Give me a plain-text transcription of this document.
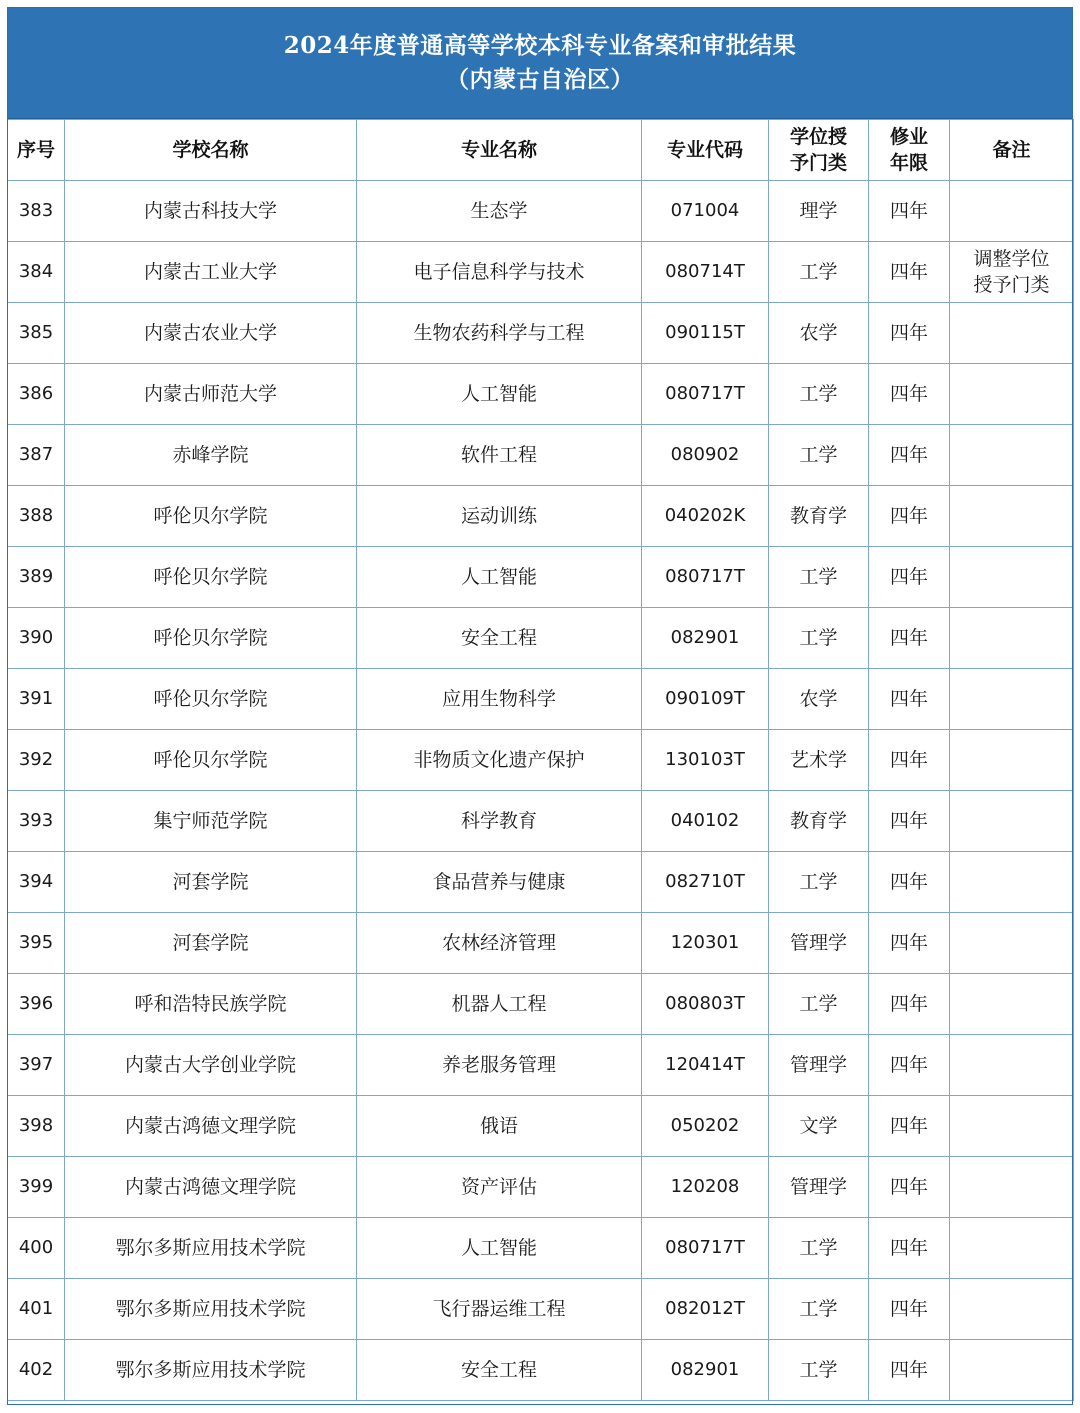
2024年度普通高等学校本科专业备案和审批结果
（内蒙古自治区）
序号	学校名称	专业名称	专业代码	学位授予门类	修业年限	备注
383	内蒙古科技大学	生态学	071004	理学	四年	
384	内蒙古工业大学	电子信息科学与技术	080714T	工学	四年	调整学位授予门类
385	内蒙古农业大学	生物农药科学与工程	090115T	农学	四年	
386	内蒙古师范大学	人工智能	080717T	工学	四年	
387	赤峰学院	软件工程	080902	工学	四年	
388	呼伦贝尔学院	运动训练	040202K	教育学	四年	
389	呼伦贝尔学院	人工智能	080717T	工学	四年	
390	呼伦贝尔学院	安全工程	082901	工学	四年	
391	呼伦贝尔学院	应用生物科学	090109T	农学	四年	
392	呼伦贝尔学院	非物质文化遗产保护	130103T	艺术学	四年	
393	集宁师范学院	科学教育	040102	教育学	四年	
394	河套学院	食品营养与健康	082710T	工学	四年	
395	河套学院	农林经济管理	120301	管理学	四年	
396	呼和浩特民族学院	机器人工程	080803T	工学	四年	
397	内蒙古大学创业学院	养老服务管理	120414T	管理学	四年	
398	内蒙古鸿德文理学院	俄语	050202	文学	四年	
399	内蒙古鸿德文理学院	资产评估	120208	管理学	四年	
400	鄂尔多斯应用技术学院	人工智能	080717T	工学	四年	
401	鄂尔多斯应用技术学院	飞行器运维工程	082012T	工学	四年	
402	鄂尔多斯应用技术学院	安全工程	082901	工学	四年	
